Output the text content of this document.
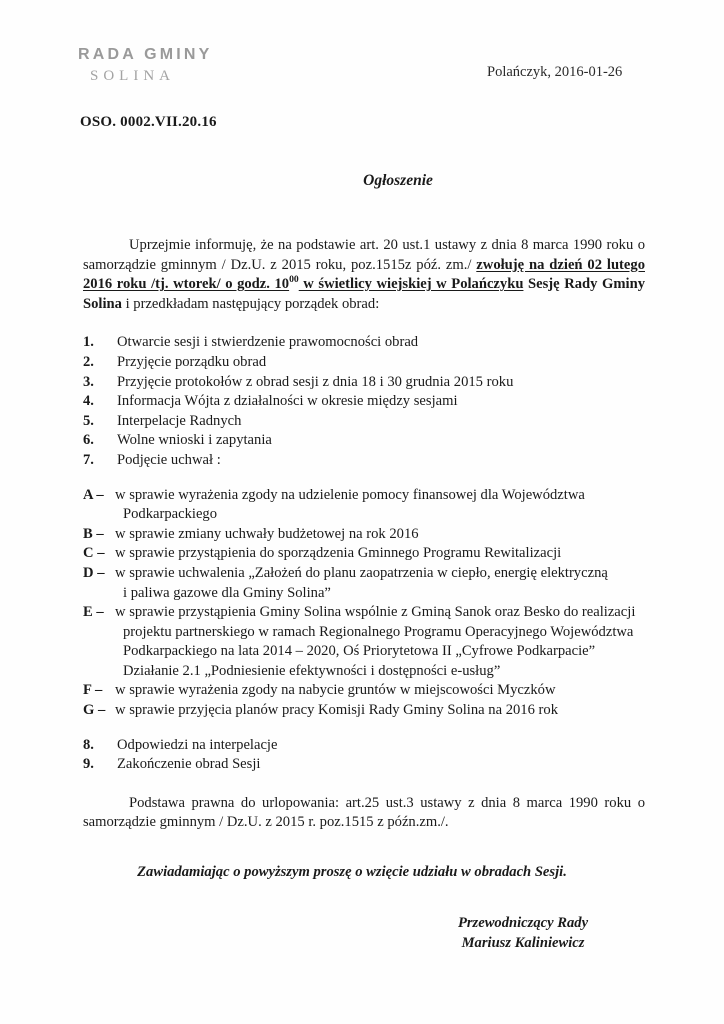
RADA GMINY
SOLINA	Polańczyk, 2016-01-26
OSO. 0002.VII.20.16
Ogłoszenie

Uprzejmie informuję, że na podstawie art. 20 ust.1 ustawy z dnia 8 marca 1990 roku o samorządzie gminnym / Dz.U. z 2015 roku, poz.1515z póź. zm./ zwołuję na dzień 02 lutego 2016 roku /tj. wtorek/ o godz. $10^{00}$ w świetlicy wiejskiej w Polańczyku Sesję Rady Gminy Solina i przedkładam następujący porządek obrad:

1.	Otwarcie sesji i stwierdzenie prawomocności obrad
2.	Przyjęcie porządku obrad
3.	Przyjęcie protokołów z obrad sesji z dnia 18 i 30 grudnia 2015 roku
4.	Informacja Wójta z działalności w okresie między sesjami
5.	Interpelacje Radnych
6.	Wolne wnioski i zapytania
7.	Podjęcie uchwał :
A – w sprawie wyrażenia zgody na udzielenie pomocy finansowej dla Województwa
Podkarpackiego
B – w sprawie zmiany uchwały budżetowej na rok 2016
C – w sprawie przystąpienia do sporządzenia Gminnego Programu Rewitalizacji
D – w sprawie uchwalenia „Założeń do planu zaopatrzenia w ciepło, energię elektryczną
i paliwa gazowe dla Gminy Solina”
E – w sprawie przystąpienia Gminy Solina wspólnie z Gminą Sanok oraz Besko do realizacji
projektu partnerskiego w ramach Regionalnego Programu Operacyjnego Województwa
Podkarpackiego na lata 2014 – 2020, Oś Priorytetowa II „Cyfrowe Podkarpacie”
Działanie 2.1 „Podniesienie efektywności i dostępności e-usług”
F – w sprawie wyrażenia zgody na nabycie gruntów w miejscowości Myczków
G – w sprawie przyjęcia planów pracy Komisji Rady Gminy Solina na 2016 rok
8.	Odpowiedzi na interpelacje
9.	Zakończenie obrad Sesji

Podstawa prawna do urlopowania: art.25 ust.3 ustawy z dnia 8 marca 1990 roku o samorządzie gminnym / Dz.U. z 2015 r. poz.1515 z późn.zm./.

Zawiadamiając o powyższym proszę o wzięcie udziału w obradach Sesji.
Przewodniczący Rady
Mariusz Kaliniewicz
